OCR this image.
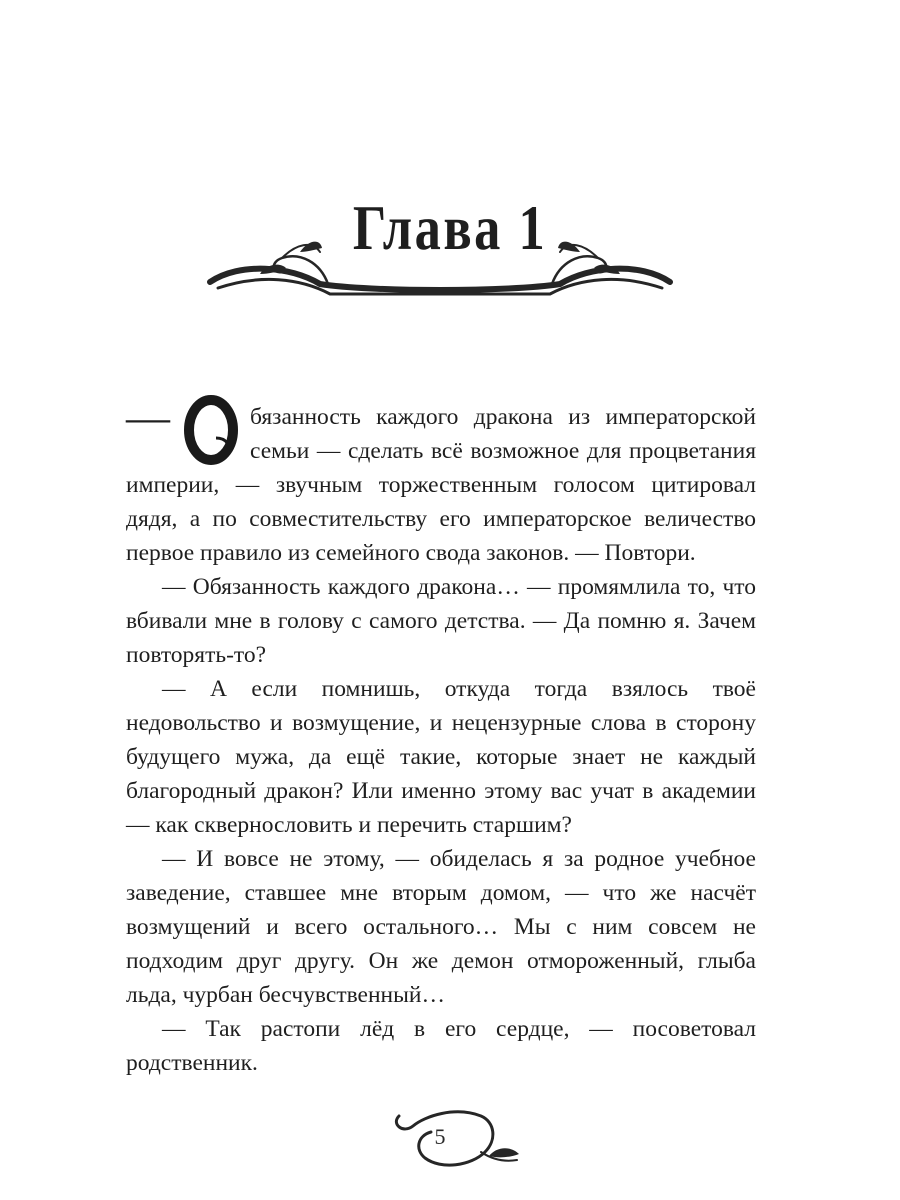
Глава 1

—	бязанность каждого дракона из императорской семьи — сделать всё возможное для процветания империи, — звучным торжественным голосом цитировал дядя, а по совместительству его императорское величество первое правило из семейного свода законов. — Повтори.

— Обязанность каждого дракона… — промямлила то, что вбивали мне в голову с самого детства. — Да помню я. Зачем повторять-то?

— А если помнишь, откуда тогда взялось твоё недовольство и возмущение, и нецензурные слова в сторону будущего мужа, да ещё такие, которые знает не каждый благородный дракон? Или именно этому вас учат в академии — как сквернословить и перечить старшим?

— И вовсе не этому, — обиделась я за родное учебное заведение, ставшее мне вторым домом, — что же насчёт возмущений и всего остального… Мы с ним совсем не подходим друг другу. Он же демон отмороженный, глыба льда, чурбан бесчувственный…

— Так растопи лёд в его сердце, — посоветовал родственник.

5
